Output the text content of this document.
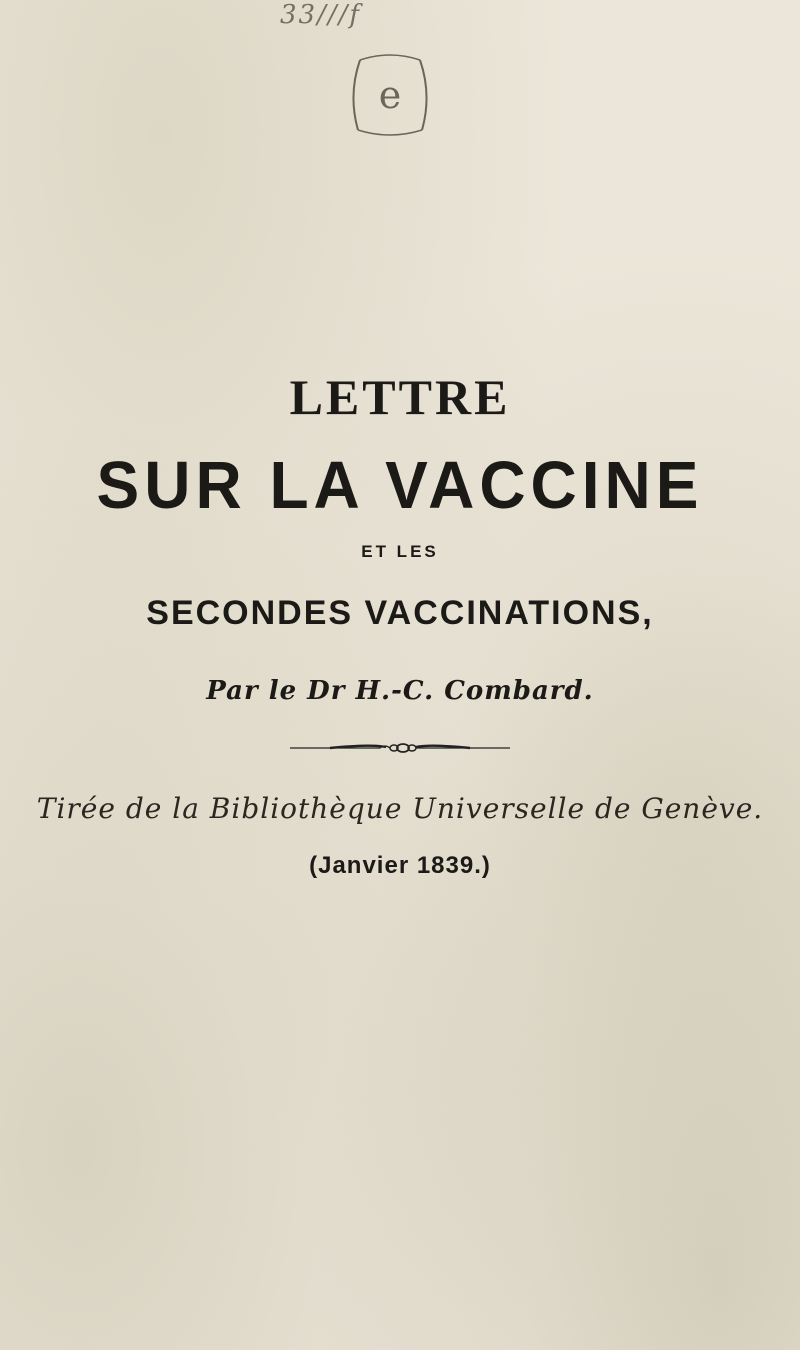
33///f
e
LETTRE
SUR LA VACCINE
ET LES
SECONDES VACCINATIONS,
Par le Dr H.-C. Combard.
Tirée de la Bibliothèque Universelle de Genève.
(Janvier 1839.)
